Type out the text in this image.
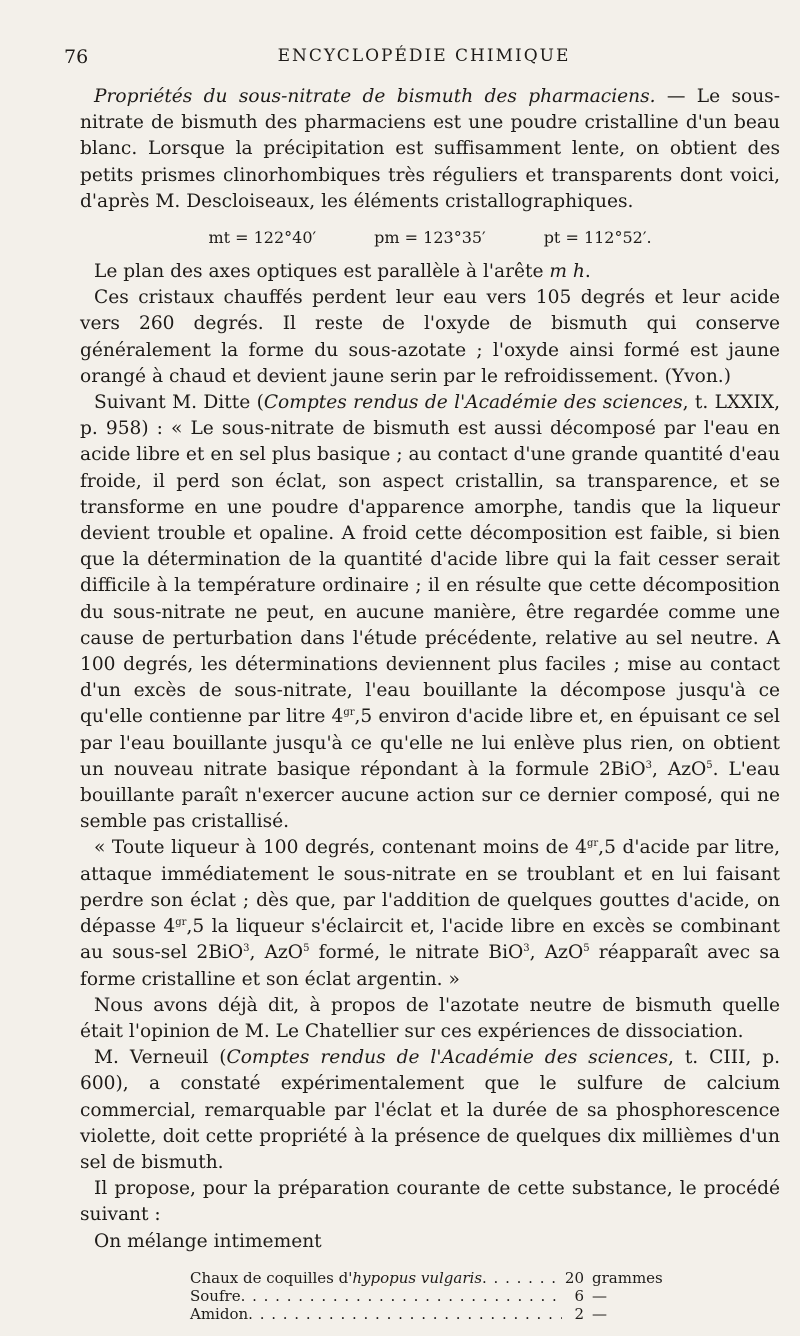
76	ENCYCLOPÉDIE CHIMIQUE

Propriétés du sous-nitrate de bismuth des pharmaciens. — Le sous-nitrate de bismuth des pharmaciens est une poudre cristalline d'un beau blanc. Lorsque la précipitation est suffisamment lente, on obtient des petits prismes clinorhombiques très réguliers et transparents dont voici, d'après M. Descloiseaux, les éléments cristallographiques.

mt = 122°40′	pm = 123°35′	pt = 112°52′.

Le plan des axes optiques est parallèle à l'arête m h.

Ces cristaux chauffés perdent leur eau vers 105 degrés et leur acide vers 260 degrés. Il reste de l'oxyde de bismuth qui conserve généralement la forme du sous-azotate ; l'oxyde ainsi formé est jaune orangé à chaud et devient jaune serin par le refroidissement. (Yvon.)

Suivant M. Ditte (Comptes rendus de l'Académie des sciences, t. LXXIX, p. 958) : « Le sous-nitrate de bismuth est aussi décomposé par l'eau en acide libre et en sel plus basique ; au contact d'une grande quantité d'eau froide, il perd son éclat, son aspect cristallin, sa transparence, et se transforme en une poudre d'apparence amorphe, tandis que la liqueur devient trouble et opaline. A froid cette décomposition est faible, si bien que la détermination de la quantité d'acide libre qui la fait cesser serait difficile à la température ordinaire ; il en résulte que cette décomposition du sous-nitrate ne peut, en aucune manière, être regardée comme une cause de perturbation dans l'étude précédente, relative au sel neutre. A 100 degrés, les déterminations deviennent plus faciles ; mise au contact d'un excès de sous-nitrate, l'eau bouillante la décompose jusqu'à ce qu'elle contienne par litre $4^{gr},5$ environ d'acide libre et, en épuisant ce sel par l'eau bouillante jusqu'à ce qu'elle ne lui enlève plus rien, on obtient un nouveau nitrate basique répondant à la formule 2BiO$^3$, AzO$^5$. L'eau bouillante paraît n'exercer aucune action sur ce dernier composé, qui ne semble pas cristallisé.

« Toute liqueur à 100 degrés, contenant moins de $4^{gr},5$ d'acide par litre, attaque immédiatement le sous-nitrate en se troublant et en lui faisant perdre son éclat ; dès que, par l'addition de quelques gouttes d'acide, on dépasse $4^{gr},5$ la liqueur s'éclaircit et, l'acide libre en excès se combinant au sous-sel 2BiO$^3$, AzO$^5$ formé, le nitrate BiO$^3$, AzO$^5$ réapparaît avec sa forme cristalline et son éclat argentin. »

Nous avons déjà dit, à propos de l'azotate neutre de bismuth quelle était l'opinion de M. Le Chatellier sur ces expériences de dissociation.

M. Verneuil (Comptes rendus de l'Académie des sciences, t. CIII, p. 600), a constaté expérimentalement que le sulfure de calcium commercial, remarquable par l'éclat et la durée de sa phosphorescence violette, doit cette propriété à la présence de quelques dix millièmes d'un sel de bismuth.

Il propose, pour la préparation courante de cette substance, le procédé suivant :

On mélange intimement

Chaux de coquilles d'hypopus vulgaris . . .	20 grammes
Soufre . . .	6 —
Amidon . . .	2 —
